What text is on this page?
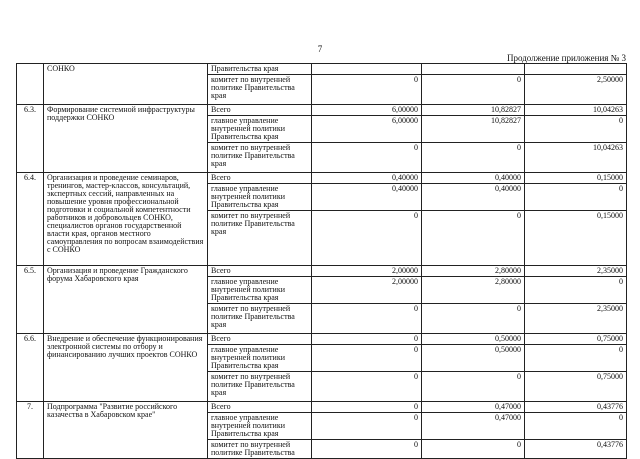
7
Продолжение приложения № 3
	СОНКО	Правительства края			
		комитет по внутренней политике Правительства края	0	0	2,50000
6.3.	Формирование системной инфраструктуры поддержки СОНКО	Всего	6,00000	10,82827	10,04263
		главное управление внутренней политики Правительства края	6,00000	10,82827	0
		комитет по внутренней политике Правительства края	0	0	10,04263
6.4.	Организация и проведение семинаров, тренингов, мастер-классов, консультаций, экспертных сессий, направленных на повышение уровня профессиональной подготовки и социальной компетентности работников и добровольцев СОНКО, специалистов органов государственной власти края, органов местного самоуправления по вопросам взаимодействия с СОНКО	Всего	0,40000	0,40000	0,15000
		главное управление внутренней политики Правительства края	0,40000	0,40000	0
		комитет по внутренней политике Правительства края	0	0	0,15000
6.5.	Организация и проведение Гражданского форума Хабаровского края	Всего	2,00000	2,80000	2,35000
		главное управление внутренней политики Правительства края	2,00000	2,80000	0
		комитет по внутренней политике Правительства края	0	0	2,35000
6.6.	Внедрение и обеспечение функционирования электронной системы по отбору и финансированию лучших проектов СОНКО	Всего	0	0,50000	0,75000
		главное управление внутренней политики Правительства края	0	0,50000	0
		комитет по внутренней политике Правительства края	0	0	0,75000
7.	Подпрограмма "Развитие российского казачества в Хабаровском крае"	Всего	0	0,47000	0,43776
		главное управление внутренней политики Правительства края	0	0,47000	0
		комитет по внутренней политике Правительства	0	0	0,43776
